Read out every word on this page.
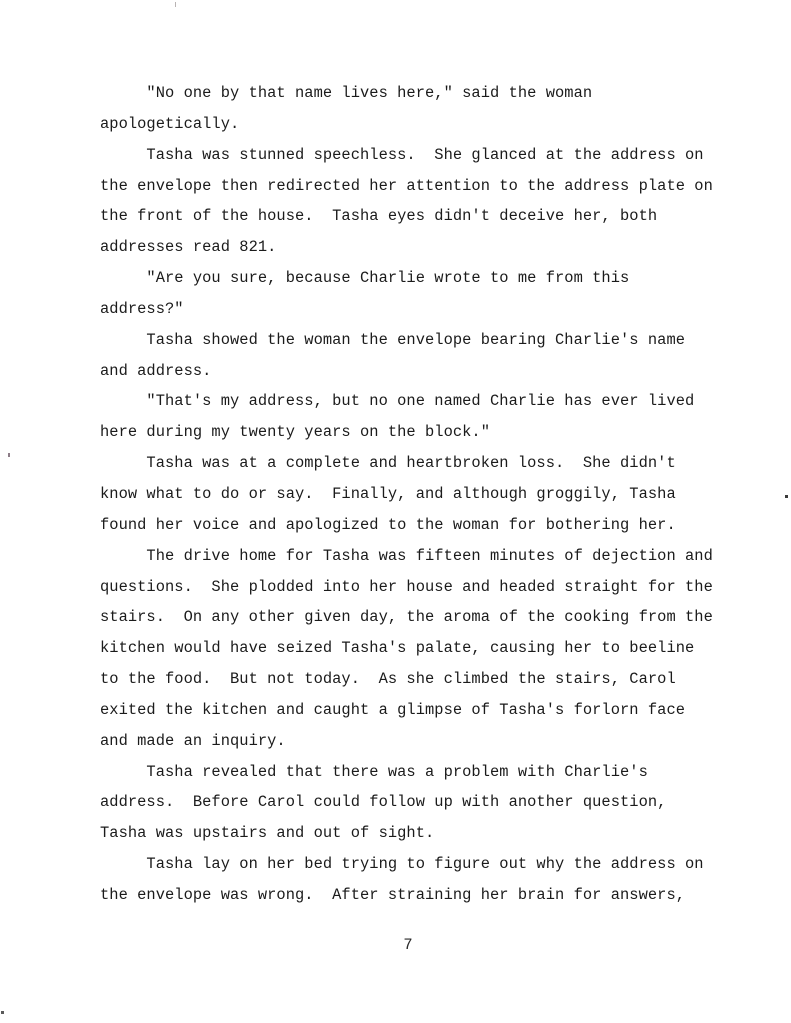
"No one by that name lives here," said the woman
apologetically.
Tasha was stunned speechless.  She glanced at the address on
the envelope then redirected her attention to the address plate on
the front of the house.  Tasha eyes didn't deceive her, both
addresses read 821.
"Are you sure, because Charlie wrote to me from this
address?"
Tasha showed the woman the envelope bearing Charlie's name
and address.
"That's my address, but no one named Charlie has ever lived
here during my twenty years on the block."
Tasha was at a complete and heartbroken loss.  She didn't
know what to do or say.  Finally, and although groggily, Tasha
found her voice and apologized to the woman for bothering her.
The drive home for Tasha was fifteen minutes of dejection and
questions.  She plodded into her house and headed straight for the
stairs.  On any other given day, the aroma of the cooking from the
kitchen would have seized Tasha's palate, causing her to beeline
to the food.  But not today.  As she climbed the stairs, Carol
exited the kitchen and caught a glimpse of Tasha's forlorn face
and made an inquiry.
Tasha revealed that there was a problem with Charlie's
address.  Before Carol could follow up with another question,
Tasha was upstairs and out of sight.
Tasha lay on her bed trying to figure out why the address on
the envelope was wrong.  After straining her brain for answers,
7
